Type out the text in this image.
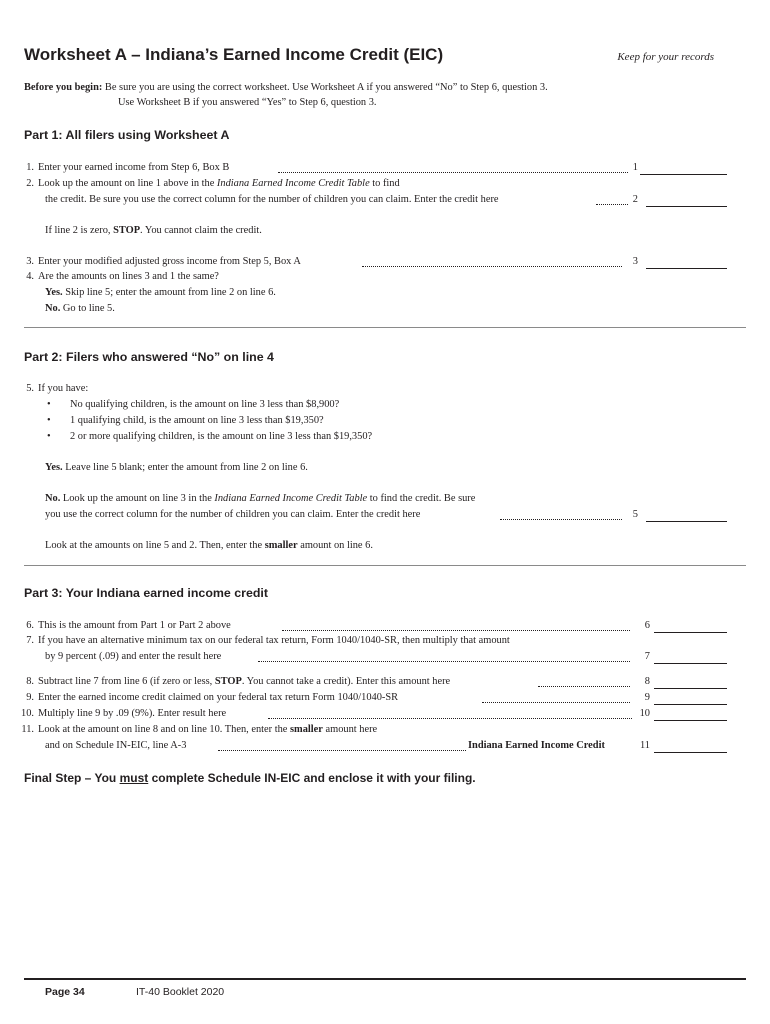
Worksheet A – Indiana’s Earned Income Credit (EIC)	Keep for your records
Before you begin: Be sure you are using the correct worksheet. Use Worksheet A if you answered “No” to Step 6, question 3.
Use Worksheet B if you answered “Yes” to Step 6, question 3.
Part 1: All filers using Worksheet A
1. Enter your earned income from Step 6, Box B	1
2. Look up the amount on line 1 above in the Indiana Earned Income Credit Table to find
the credit. Be sure you use the correct column for the number of children you can claim. Enter the credit here	2
If line 2 is zero, STOP. You cannot claim the credit.
3. Enter your modified adjusted gross income from Step 5, Box A	3
4. Are the amounts on lines 3 and 1 the same?
Yes. Skip line 5; enter the amount from line 2 on line 6.
No. Go to line 5.
Part 2: Filers who answered “No” on line 4
5. If you have:
• No qualifying children, is the amount on line 3 less than $8,900?
• 1 qualifying child, is the amount on line 3 less than $19,350?
• 2 or more qualifying children, is the amount on line 3 less than $19,350?
Yes. Leave line 5 blank; enter the amount from line 2 on line 6.
No. Look up the amount on line 3 in the Indiana Earned Income Credit Table to find the credit. Be sure
you use the correct column for the number of children you can claim. Enter the credit here	5
Look at the amounts on line 5 and 2. Then, enter the smaller amount on line 6.
Part 3: Your Indiana earned income credit
6. This is the amount from Part 1 or Part 2 above	6
7. If you have an alternative minimum tax on our federal tax return, Form 1040/1040-SR, then multiply that amount
by 9 percent (.09) and enter the result here	7
8. Subtract line 7 from line 6 (if zero or less, STOP. You cannot take a credit). Enter this amount here	8
9. Enter the earned income credit claimed on your federal tax return Form 1040/1040-SR	9
10. Multiply line 9 by .09 (9%). Enter result here	10
11. Look at the amount on line 8 and on line 10. Then, enter the smaller amount here
and on Schedule IN-EIC, line A-3	Indiana Earned Income Credit	11
Final Step – You must complete Schedule IN-EIC and enclose it with your filing.
Page 34	IT-40 Booklet 2020
